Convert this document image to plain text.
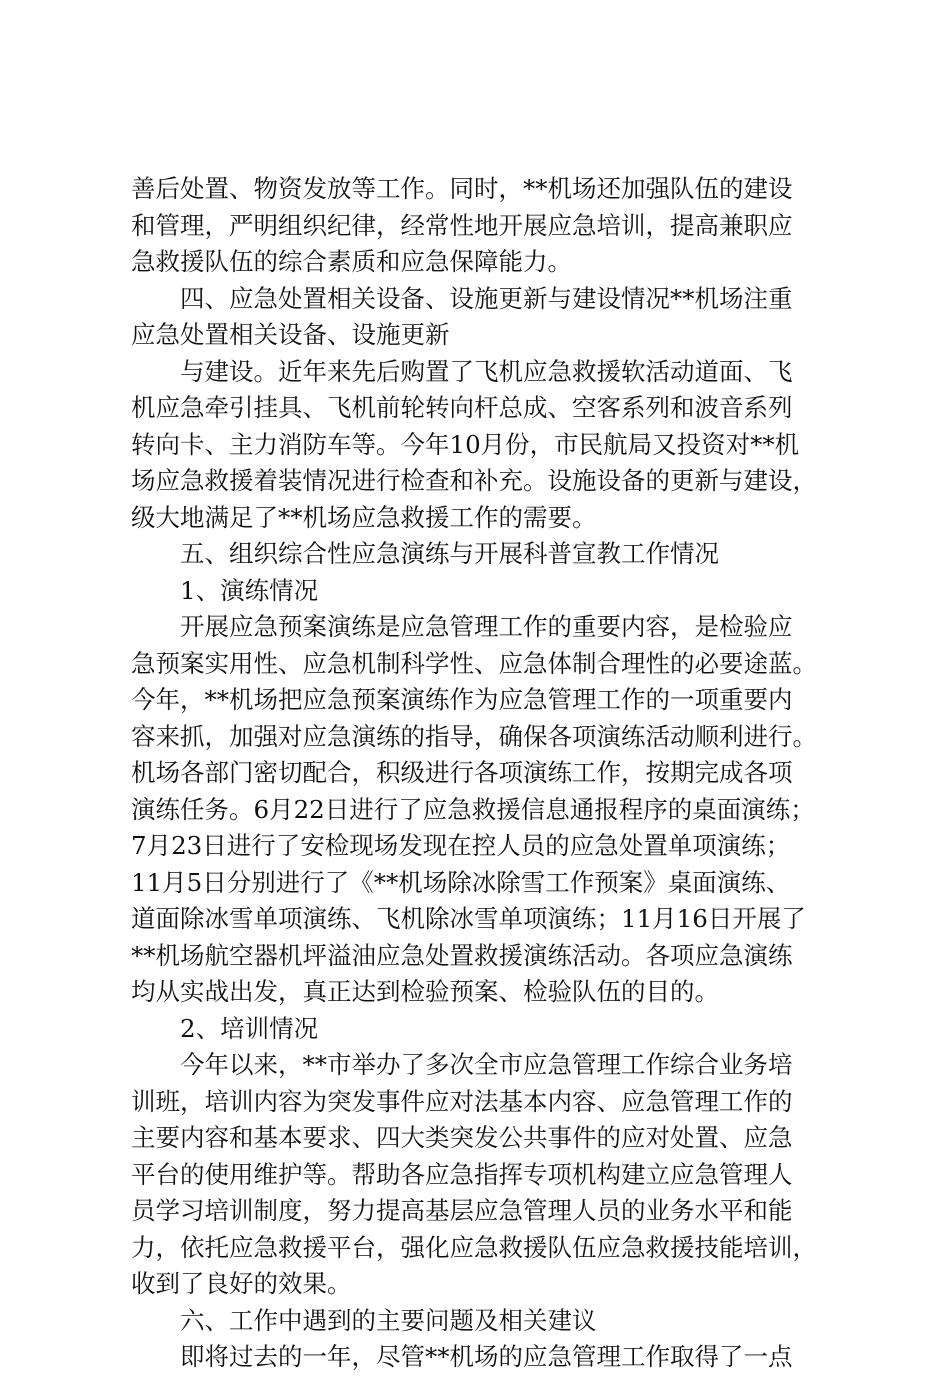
善后处置、物资发放等工作。同时，**机场还加强队伍的建设
和管理，严明组织纪律，经常性地开展应急培训，提高兼职应
急救援队伍的综合素质和应急保障能力。
四、应急处置相关设备、设施更新与建设情况**机场注重
应急处置相关设备、设施更新
与建设。近年来先后购置了飞机应急救援软活动道面、飞
机应急牵引挂具、飞机前轮转向杆总成、空客系列和波音系列
转向卡、主力消防车等。今年10月份，市民航局又投资对**机
场应急救援着装情况进行检查和补充。设施设备的更新与建设，
级大地满足了**机场应急救援工作的需要。
五、组织综合性应急演练与开展科普宣教工作情况
1、演练情况
开展应急预案演练是应急管理工作的重要内容，是检验应
急预案实用性、应急机制科学性、应急体制合理性的必要途蓝。
今年，**机场把应急预案演练作为应急管理工作的一项重要内
容来抓，加强对应急演练的指导，确保各项演练活动顺利进行。
机场各部门密切配合，积级进行各项演练工作，按期完成各项
演练任务。6月22日进行了应急救援信息通报程序的桌面演练；
7月23日进行了安检现场发现在控人员的应急处置单项演练；
11月5日分别进行了《**机场除冰除雪工作预案》桌面演练、
道面除冰雪单项演练、飞机除冰雪单项演练；11月16日开展了
**机场航空器机坪溢油应急处置救援演练活动。各项应急演练
均从实战出发，真正达到检验预案、检验队伍的目的。
2、培训情况
今年以来，**市举办了多次全市应急管理工作综合业务培
训班，培训内容为突发事件应对法基本内容、应急管理工作的
主要内容和基本要求、四大类突发公共事件的应对处置、应急
平台的使用维护等。帮助各应急指挥专项机构建立应急管理人
员学习培训制度，努力提高基层应急管理人员的业务水平和能
力，依托应急救援平台，强化应急救援队伍应急救援技能培训，
收到了良好的效果。
六、工作中遇到的主要问题及相关建议
即将过去的一年，尽管**机场的应急管理工作取得了一点
